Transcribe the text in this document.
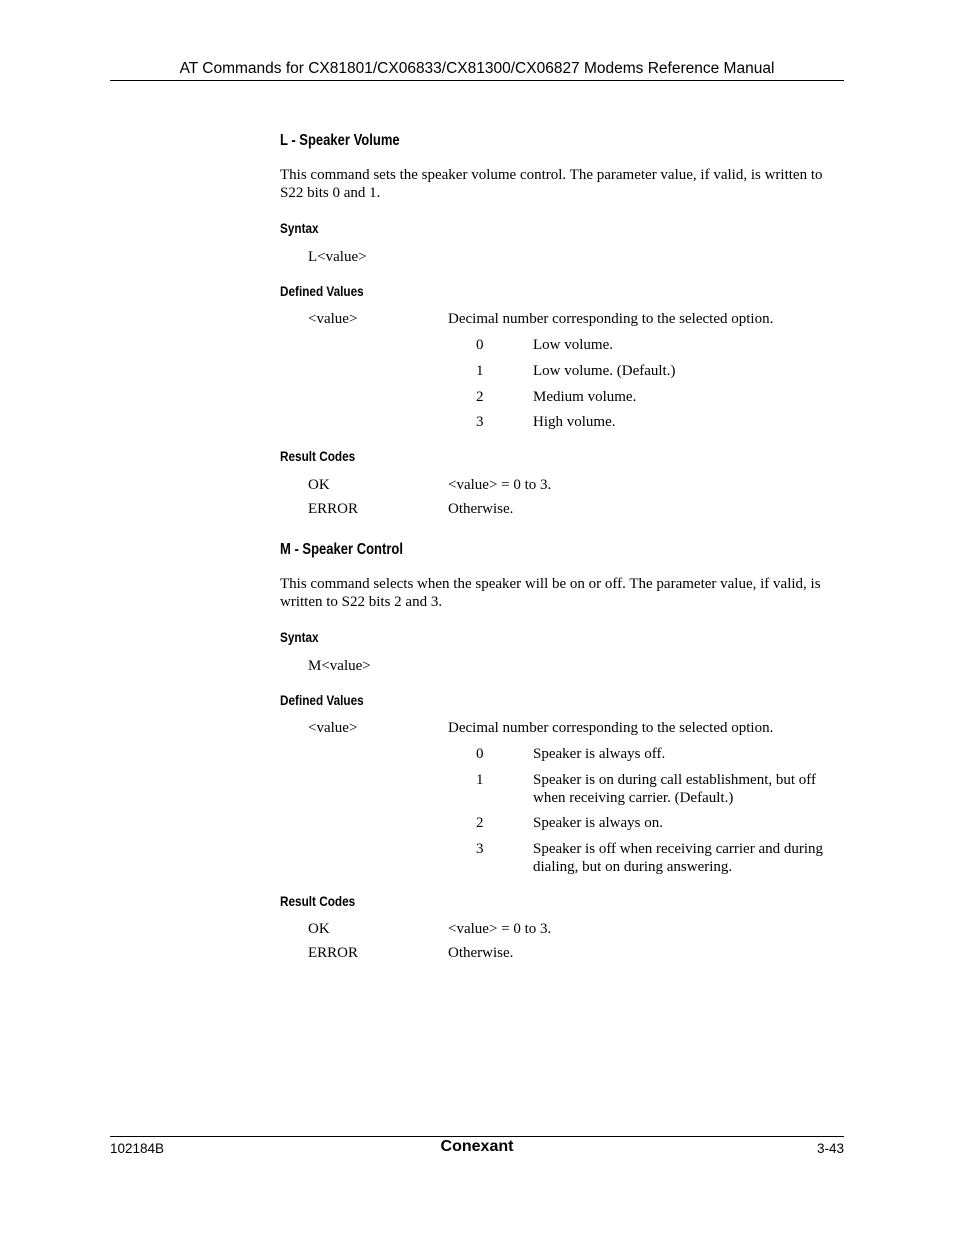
AT Commands for CX81801/CX06833/CX81300/CX06827 Modems Reference Manual
L - Speaker Volume
This command sets the speaker volume control. The parameter value, if valid, is written to S22 bits 0 and 1.
Syntax
L<value>
Defined Values
<value>	Decimal number corresponding to the selected option.
0	Low volume.
1	Low volume. (Default.)
2	Medium volume.
3	High volume.
Result Codes
OK	<value> = 0 to 3.
ERROR	Otherwise.
M - Speaker Control
This command selects when the speaker will be on or off. The parameter value, if valid, is written to S22 bits 2 and 3.
Syntax
M<value>
Defined Values
<value>	Decimal number corresponding to the selected option.
0	Speaker is always off.
1	Speaker is on during call establishment, but off when receiving carrier. (Default.)
2	Speaker is always on.
3	Speaker is off when receiving carrier and during dialing, but on during answering.
Result Codes
OK	<value> = 0 to 3.
ERROR	Otherwise.
102184B	Conexant	3-43
